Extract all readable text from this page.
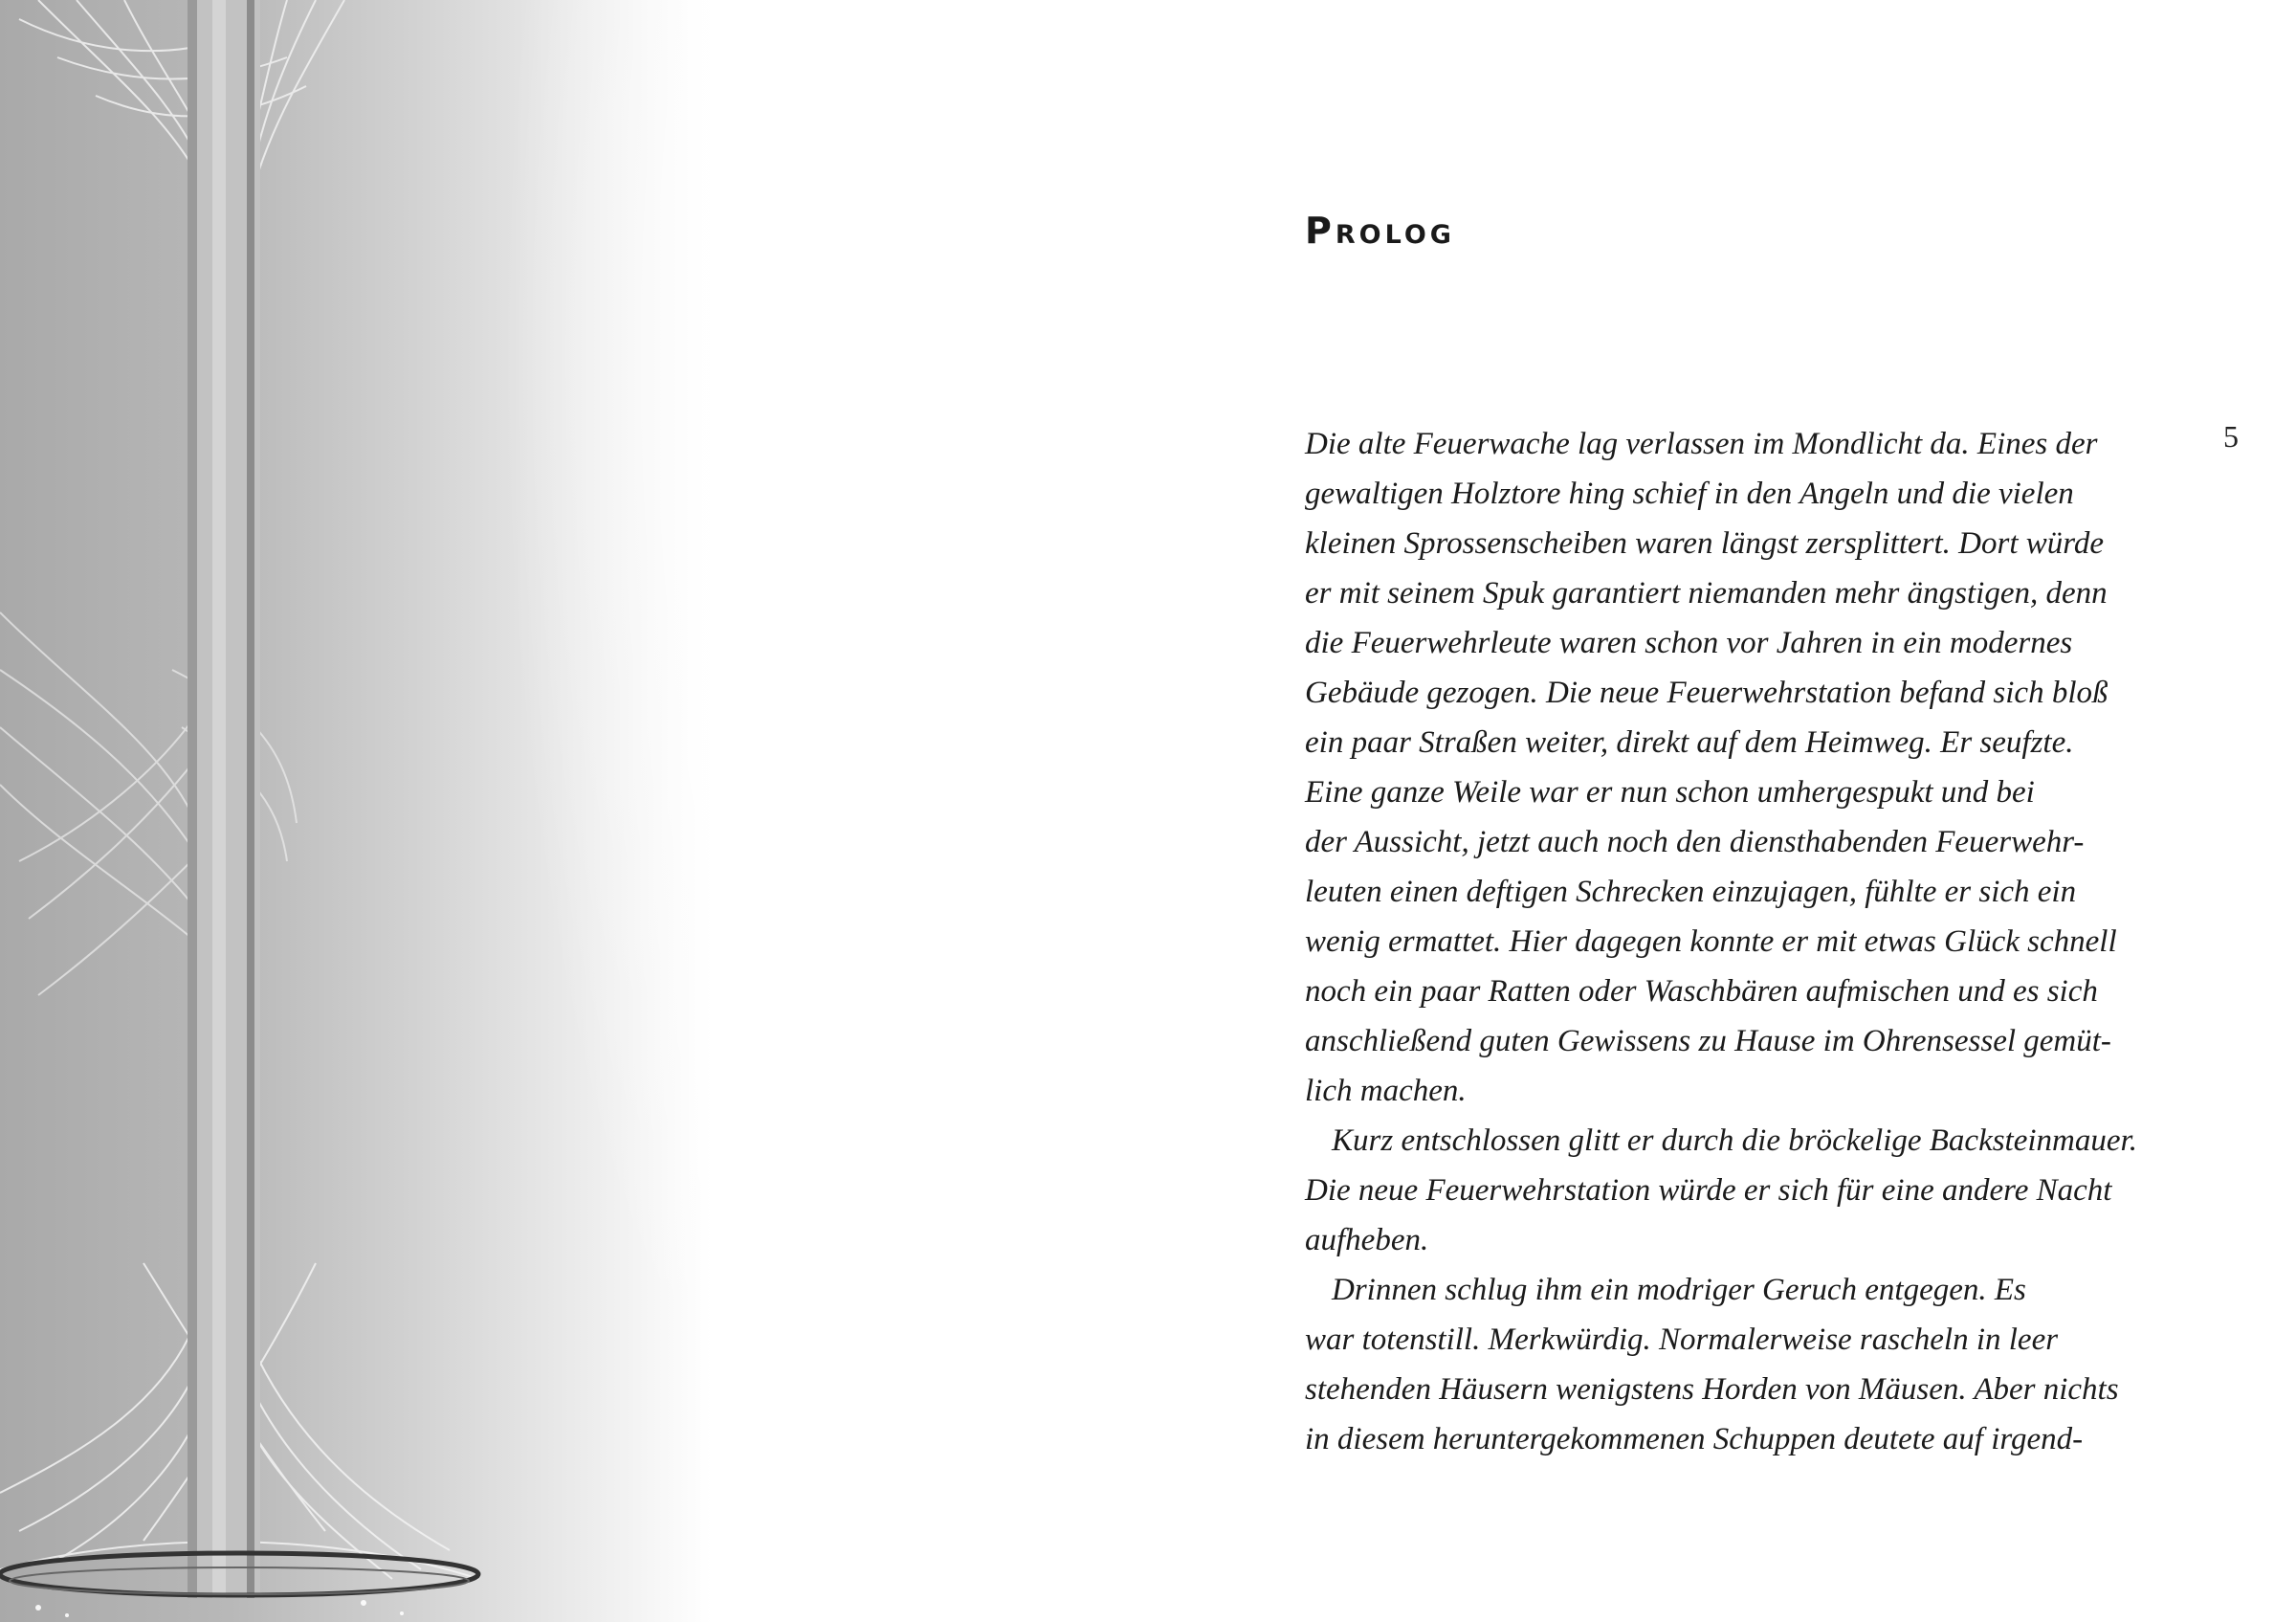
Prolog
5
Die alte Feuerwache lag verlassen im Mondlicht da. Eines der
gewaltigen Holztore hing schief in den Angeln und die vielen
kleinen Sprossenscheiben waren längst zersplittert. Dort würde
er mit seinem Spuk garantiert niemanden mehr ängstigen, denn
die Feuerwehrleute waren schon vor Jahren in ein modernes
Gebäude gezogen. Die neue Feuerwehrstation befand sich bloß
ein paar Straßen weiter, direkt auf dem Heimweg. Er seufzte.
Eine ganze Weile war er nun schon umhergespukt und bei
der Aussicht, jetzt auch noch den diensthabenden Feuerwehr-
leuten einen deftigen Schrecken einzujagen, fühlte er sich ein
wenig ermattet. Hier dagegen konnte er mit etwas Glück schnell
noch ein paar Ratten oder Waschbären aufmischen und es sich
anschließend guten Gewissens zu Hause im Ohrensessel gemüt-
lich machen.
Kurz entschlossen glitt er durch die bröckelige Backsteinmauer.
Die neue Feuerwehrstation würde er sich für eine andere Nacht
aufheben.
Drinnen schlug ihm ein modriger Geruch entgegen. Es
war totenstill. Merkwürdig. Normalerweise rascheln in leer
stehenden Häusern wenigstens Horden von Mäusen. Aber nichts
in diesem heruntergekommenen Schuppen deutete auf irgend-
